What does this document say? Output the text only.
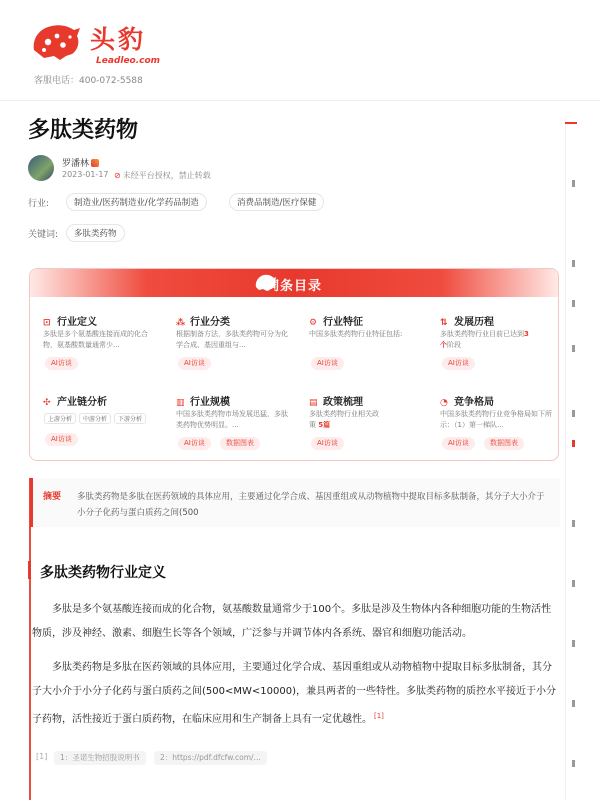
头豹
Leadleo.com
客服电话：400-072-5588
多肽类药物
罗潘林
2023-01-17 ⊘ 未经平台授权，禁止转载
行业:	制造业/医药制造业/化学药品制造	消费品制造/医疗保健
关键词:	多肽类药物
词条目录
⊡ 行业定义
多肽是多个氨基酸连接而成的化合物，氨基酸数量通常少...
AI访谈
⁂ 行业分类
根据制备方法，多肽类药物可分为化学合成、基因重组与...
AI访谈
⚙ 行业特征
中国多肽类药物行业特征包括:
AI访谈
⇅ 发展历程
多肽类药物行业目前已达到3个阶段
AI访谈
✣ 产业链分析
上游分析	中游分析	下游分析
AI访谈
▥ 行业规模
中国多肽类药物市场发展迅猛，多肽类药物优势明显。...
AI访谈	数据图表
▤ 政策梳理
多肽类药物行业相关政策 5篇
AI访谈
◔ 竞争格局
中国多肽类药物行业竞争格局如下所示：（1）第一梯队...
AI访谈	数据图表
摘要 多肽类药物是多肽在医药领域的具体应用，主要通过化学合成、基因重组或从动物植物中提取目标多肽制备，其分子大小介于小分子化药与蛋白质药之间(500
多肽类药物行业定义

多肽是多个氨基酸连接而成的化合物，氨基酸数量通常少于100个。多肽是涉及生物体内各种细胞功能的生物活性物质，涉及神经、激素、细胞生长等各个领域，广泛参与并调节体内各系统、器官和细胞功能活动。

多肽类药物是多肽在医药领域的具体应用，主要通过化学合成、基因重组或从动物植物中提取目标多肽制备，其分子大小介于小分子化药与蛋白质药之间(500<MW<10000)，兼具两者的一些特性。多肽类药物的质控水平接近于小分子药物，活性接近于蛋白质药物，在临床应用和生产制备上具有一定优越性。 [1]

[1]	1：圣诺生物招股说明书	2：https://pdf.dfcfw.com/...
